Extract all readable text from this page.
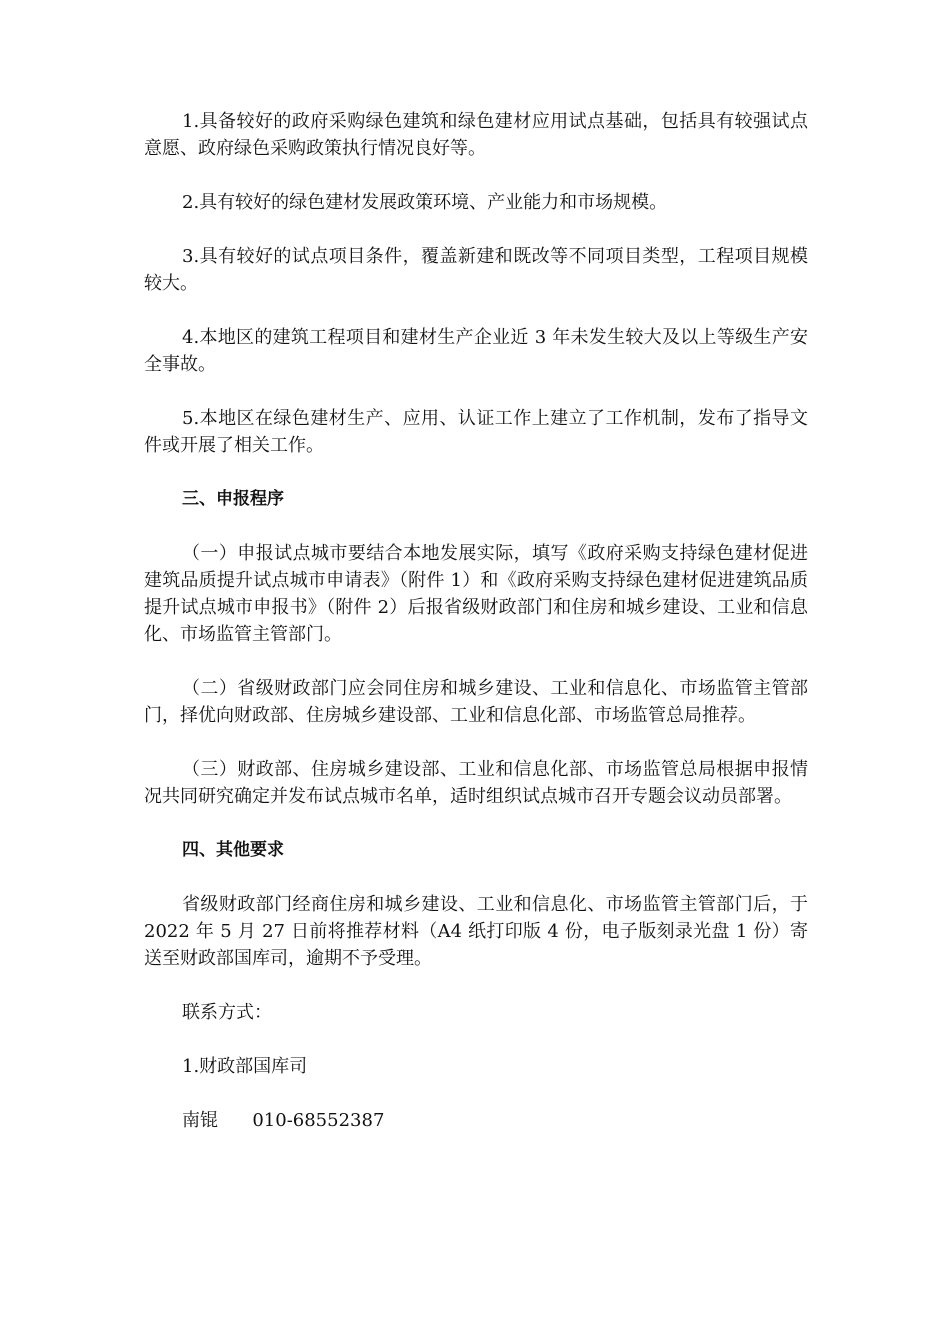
1.具备较好的政府采购绿色建筑和绿色建材应用试点基础，包括具有较强试点意愿、政府绿色采购政策执行情况良好等。

2.具有较好的绿色建材发展政策环境、产业能力和市场规模。

3.具有较好的试点项目条件，覆盖新建和既改等不同项目类型，工程项目规模较大。

4.本地区的建筑工程项目和建材生产企业近 3 年未发生较大及以上等级生产安全事故。

5.本地区在绿色建材生产、应用、认证工作上建立了工作机制，发布了指导文件或开展了相关工作。

三、申报程序

（一）申报试点城市要结合本地发展实际，填写《政府采购支持绿色建材促进建筑品质提升试点城市申请表》（附件 1）和《政府采购支持绿色建材促进建筑品质提升试点城市申报书》（附件 2）后报省级财政部门和住房和城乡建设、工业和信息化、市场监管主管部门。

（二）省级财政部门应会同住房和城乡建设、工业和信息化、市场监管主管部门，择优向财政部、住房城乡建设部、工业和信息化部、市场监管总局推荐。

（三）财政部、住房城乡建设部、工业和信息化部、市场监管总局根据申报情况共同研究确定并发布试点城市名单，适时组织试点城市召开专题会议动员部署。

四、其他要求

省级财政部门经商住房和城乡建设、工业和信息化、市场监管主管部门后，于 2022 年 5 月 27 日前将推荐材料（A4 纸打印版 4 份，电子版刻录光盘 1 份）寄送至财政部国库司，逾期不予受理。

联系方式：

1.财政部国库司

南锟 010-68552387
